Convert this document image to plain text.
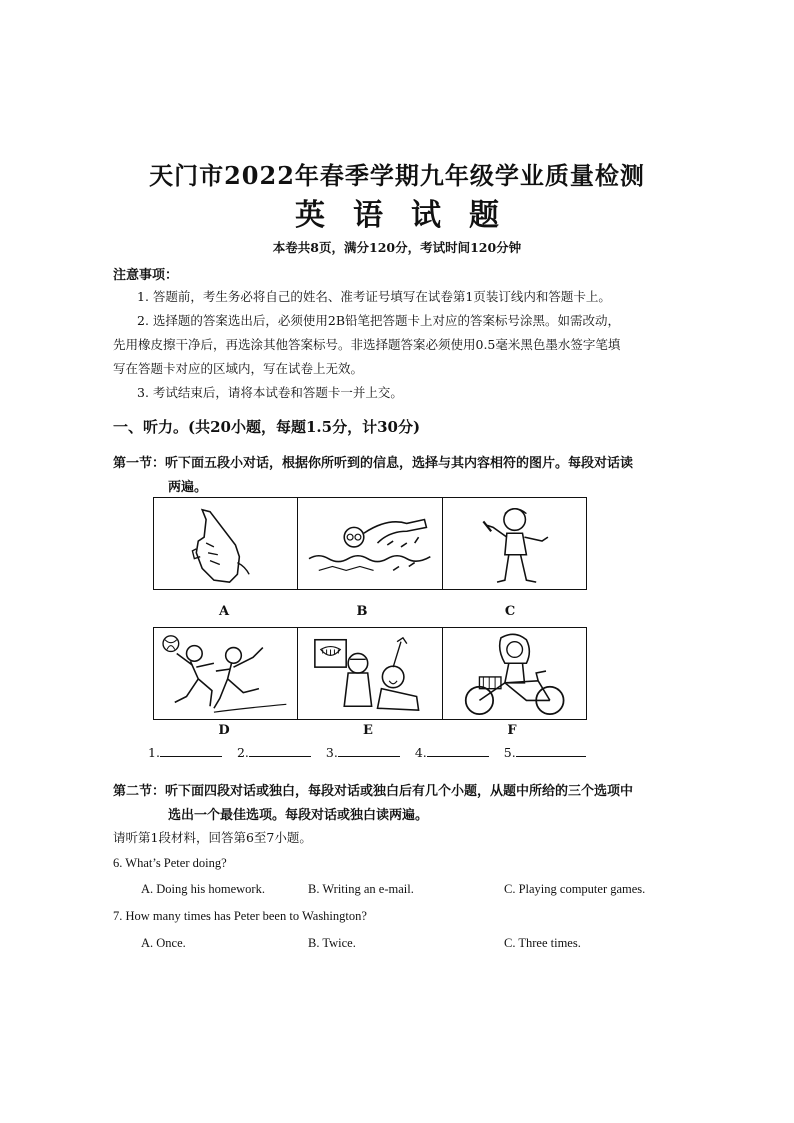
天门市2022年春季学期九年级学业质量检测
英语试题
本卷共8页，满分120分，考试时间120分钟
注意事项：
1. 答题前，考生务必将自己的姓名、准考证号填写在试卷第1页装订线内和答题卡上。
2. 选择题的答案选出后，必须使用2B铅笔把答题卡上对应的答案标号涂黑。如需改动，
先用橡皮擦干净后，再选涂其他答案标号。非选择题答案必须使用0.5毫米黑色墨水签字笔填
写在答题卡对应的区域内，写在试卷上无效。
3. 考试结束后，请将本试卷和答题卡一并上交。
一、听力。(共20小题，每题1.5分，计30分)
第一节：听下面五段小对话，根据你所听到的信息，选择与其内容相符的图片。每段对话读
两遍。
A	B	C
D	E	F
1.	2.	3.	4.	5.
第二节：听下面四段对话或独白，每段对话或独白后有几个小题，从题中所给的三个选项中
选出一个最佳选项。每段对话或独白读两遍。
请听第1段材料，回答第6至7小题。
6. What’s Peter doing?
A. Doing his homework.	B. Writing an e-mail.	C. Playing computer games.
7. How many times has Peter been to Washington?
A. Once.	B. Twice.	C. Three times.
